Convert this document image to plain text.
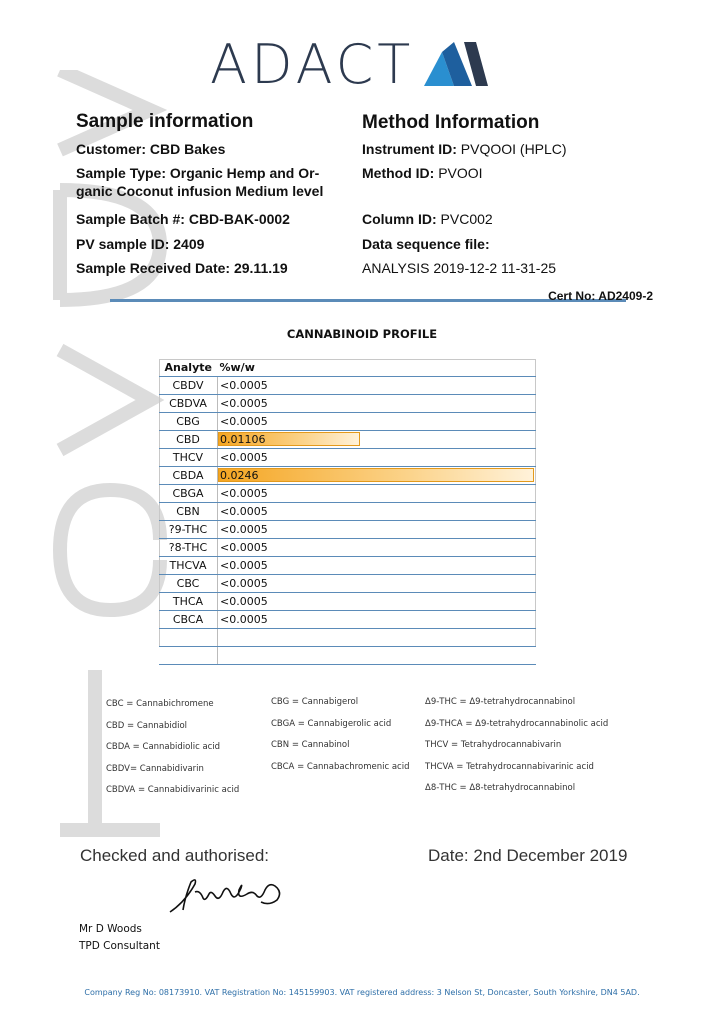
ADACT
Sample information
Customer: CBD Bakes
Sample Type: Organic Hemp and Or-
ganic Coconut infusion Medium level
Sample Batch #: CBD-BAK-0002
PV sample ID: 2409
Sample Received Date: 29.11.19
Method Information
Instrument ID: PVQOOI (HPLC)
Method ID: PVOOI
Column ID: PVC002
Data sequence file:
ANALYSIS 2019-12-2 11-31-25
Cert No: AD2409-2
CANNABINOID PROFILE
Analyte	%w/w
CBDV	<0.0005
CBDVA	<0.0005
CBG	<0.0005
CBD	0.01106
THCV	<0.0005
CBDA	0.0246
CBGA	<0.0005
CBN	<0.0005
?9-THC	<0.0005
?8-THC	<0.0005
THCVA	<0.0005
CBC	<0.0005
THCA	<0.0005
CBCA	<0.0005

CBC = Cannabichromene
CBD = Cannabidiol
CBDA = Cannabidiolic acid
CBDV= Cannabidivarin
CBDVA = Cannabidivarinic acid
CBG = Cannabigerol
CBGA = Cannabigerolic acid
CBN = Cannabinol
CBCA = Cannabachromenic acid
Δ9-THC = Δ9-tetrahydrocannabinol
Δ9-THCA = Δ9-tetrahydrocannabinolic acid
THCV = Tetrahydrocannabivarin
THCVA = Tetrahydrocannabivarinic acid
Δ8-THC = Δ8-tetrahydrocannabinol
Checked and authorised:	Date: 2nd December 2019
Mr D Woods
TPD Consultant
Company Reg No: 08173910. VAT Registration No: 145159903. VAT registered address: 3 Nelson St, Doncaster, South Yorkshire, DN4 5AD.
